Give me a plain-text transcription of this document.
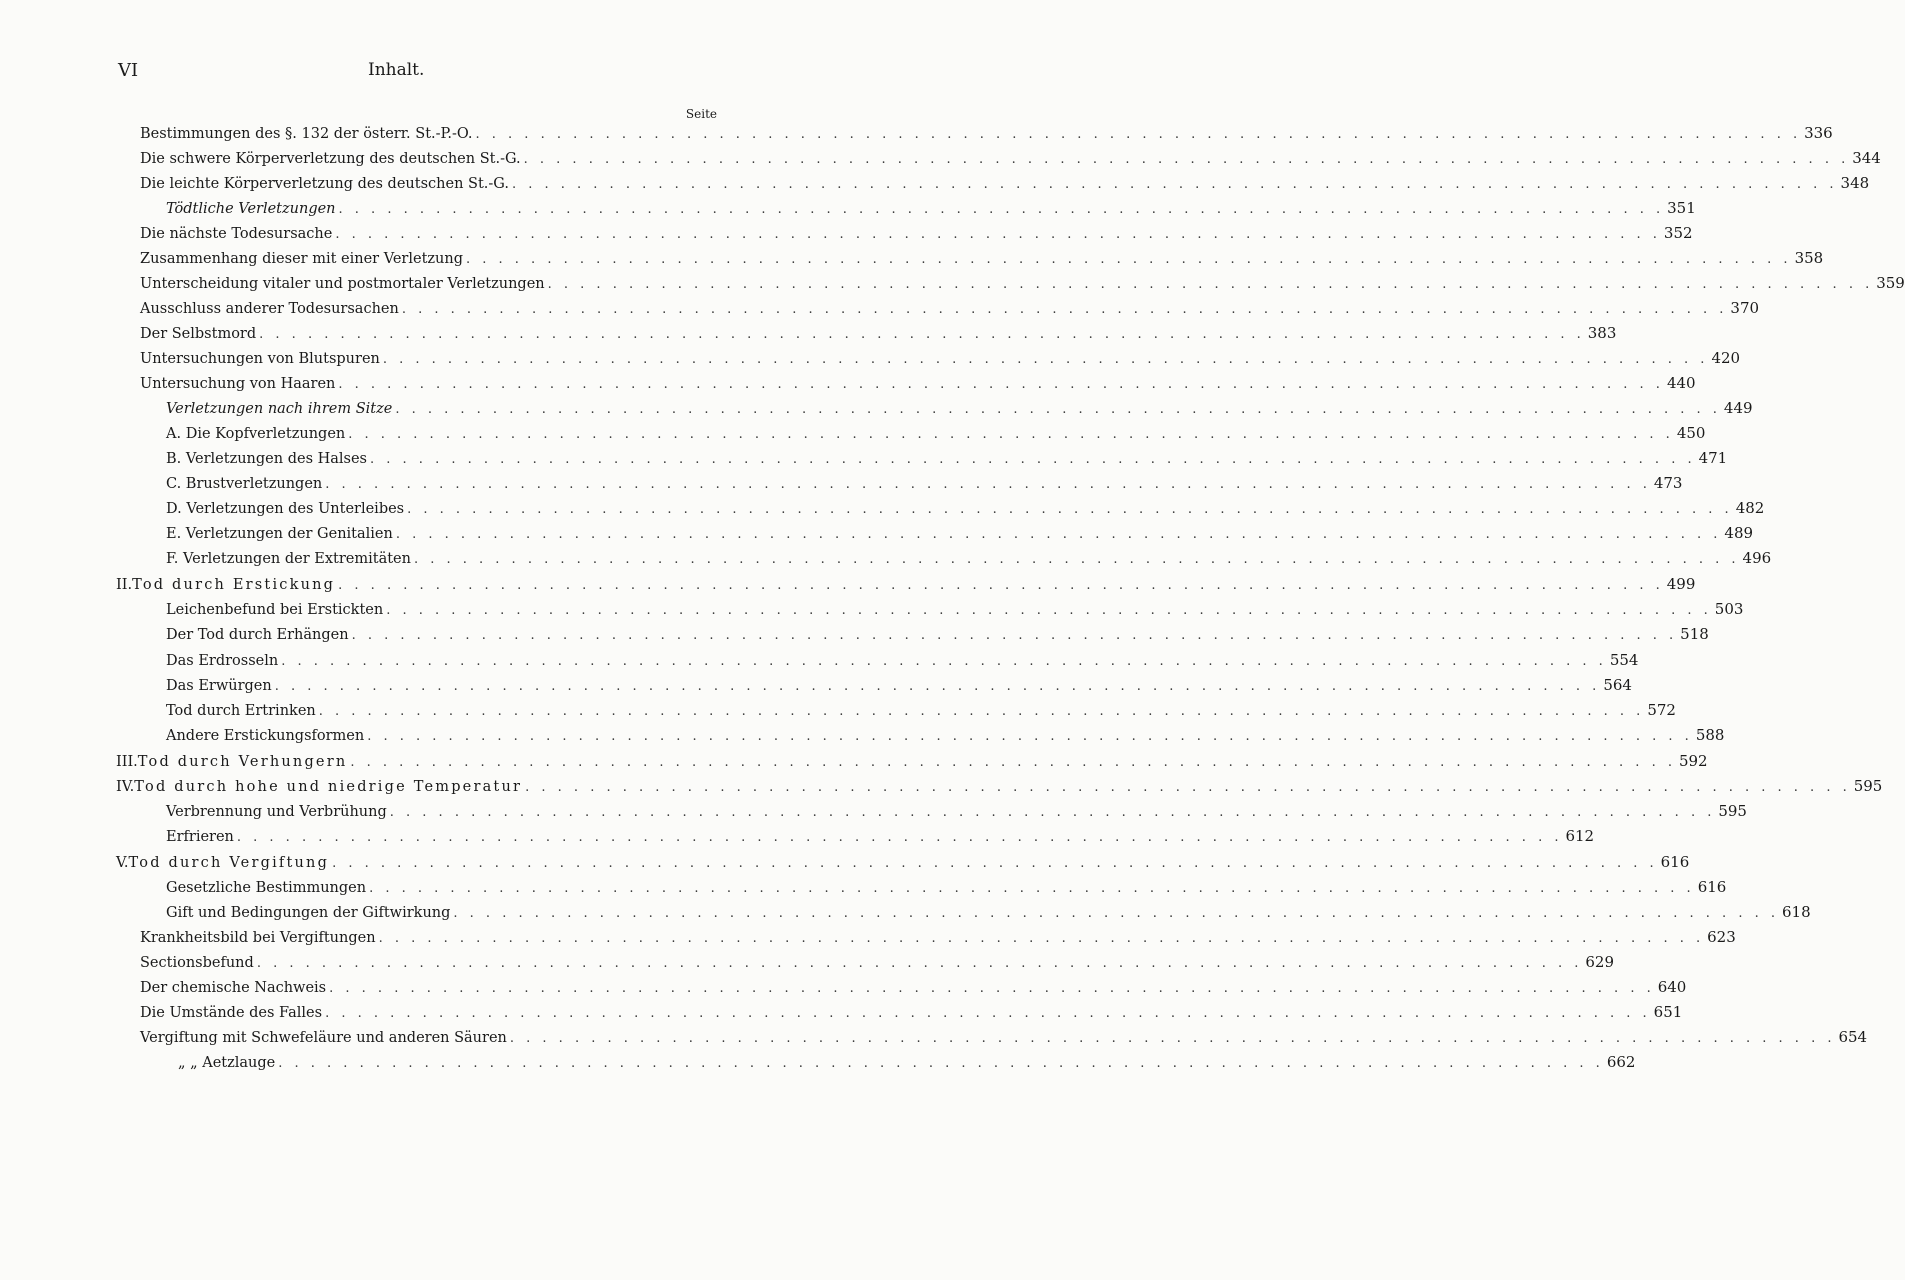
VI	Inhalt.
Seite
Bestimmungen des §. 132 der österr. St.-P.-O. . . .	336
Die schwere Körperverletzung des deutschen St.-G. . . .	344
Die leichte Körperverletzung des deutschen St.-G. . . .	348
Tödtliche Verletzungen . . .	351
Die nächste Todesursache . . .	352
Zusammenhang dieser mit einer Verletzung . . .	358
Unterscheidung vitaler und postmortaler Verletzungen . . .	359
Ausschluss anderer Todesursachen . . .	370
Der Selbstmord . . .	383
Untersuchungen von Blutspuren . . .	420
Untersuchung von Haaren . . .	440
Verletzungen nach ihrem Sitze . . .	449
A. Die Kopfverletzungen . . .	450
B. Verletzungen des Halses . . .	471
C. Brustverletzungen . . .	473
D. Verletzungen des Unterleibes . . .	482
E. Verletzungen der Genitalien . . .	489
F. Verletzungen der Extremitäten . . .	496
II. Tod durch Erstickung . . .	499
Leichenbefund bei Erstickten . . .	503
Der Tod durch Erhängen . . .	518
Das Erdrosseln . . .	554
Das Erwürgen . . .	564
Tod durch Ertrinken . . .	572
Andere Erstickungsformen . . .	588
III. Tod durch Verhungern . . .	592
IV. Tod durch hohe und niedrige Temperatur . . .	595
Verbrennung und Verbrühung . . .	595
Erfrieren . . .	612
V. Tod durch Vergiftung . . .	616
Gesetzliche Bestimmungen . . .	616
Gift und Bedingungen der Giftwirkung . . .	618
Krankheitsbild bei Vergiftungen . . .	623
Sectionsbefund . . .	629
Der chemische Nachweis . . .	640
Die Umstände des Falles . . .	651
Vergiftung mit Schwefeläure und anderen Säuren . . .	654
„ „ Aetzlauge . . .	662
